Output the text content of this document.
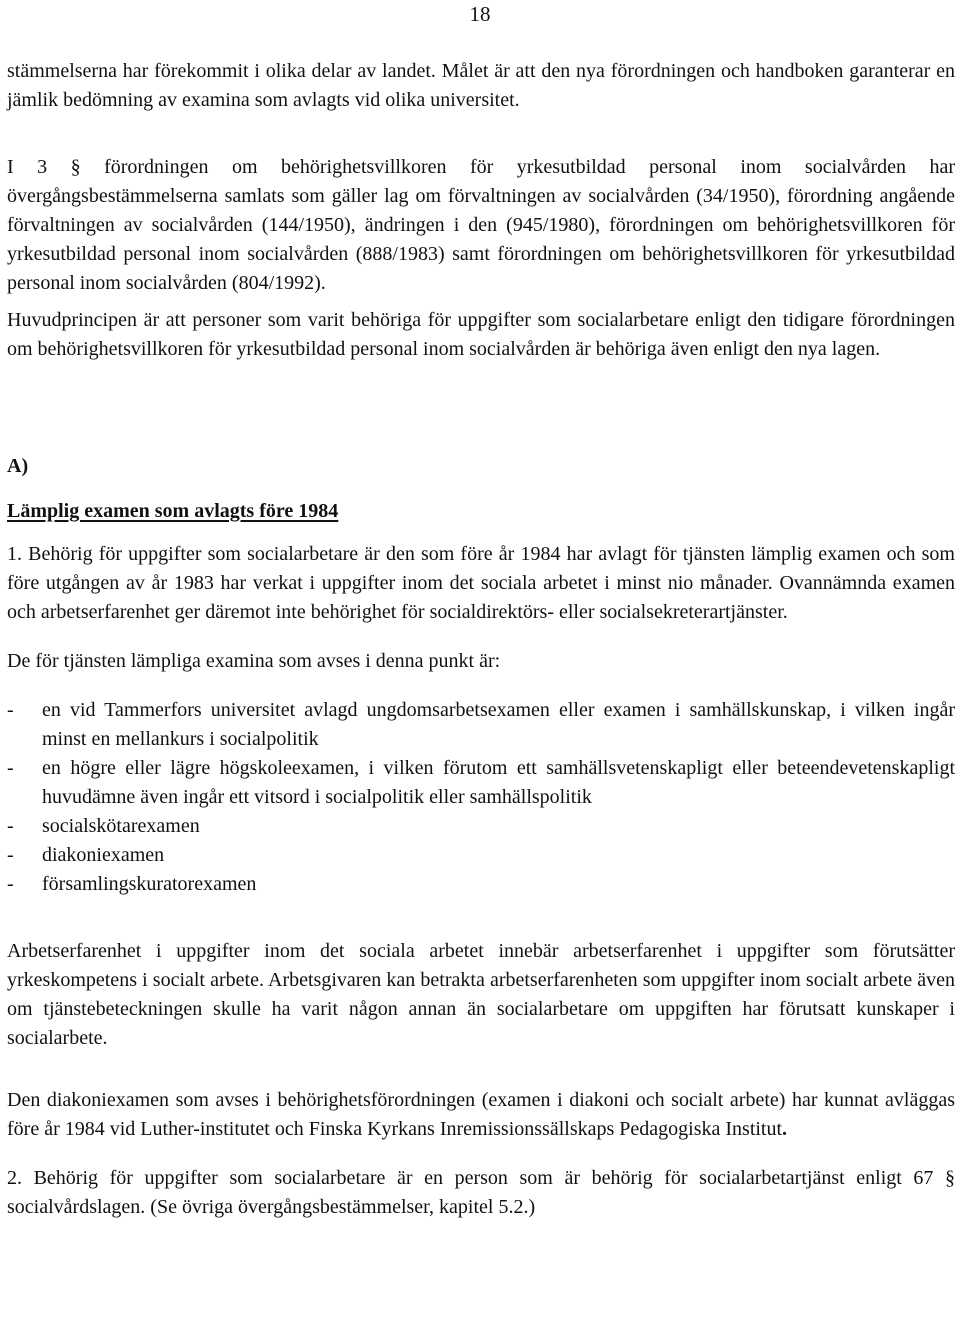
18

stämmelserna har förekommit i olika delar av landet. Målet är att den nya förordningen och handboken garanterar en jämlik bedömning av examina som avlagts vid olika universitet.

I 3 § förordningen om behörighetsvillkoren för yrkesutbildad personal inom socialvården har övergångsbestämmelserna samlats som gäller lag om förvaltningen av socialvården (34/1950), förordning angående förvaltningen av socialvården (144/1950), ändringen i den (945/1980), förordningen om behörighetsvillkoren för yrkesutbildad personal inom socialvården (888/1983) samt förordningen om behörighetsvillkoren för yrkesutbildad personal inom socialvården (804/1992).

Huvudprincipen är att personer som varit behöriga för uppgifter som socialarbetare enligt den tidigare förordningen om behörighetsvillkoren för yrkesutbildad personal inom socialvården är behöriga även enligt den nya lagen.

A)

Lämplig examen som avlagts före 1984

1. Behörig för uppgifter som socialarbetare är den som före år 1984 har avlagt för tjänsten lämplig examen och som före utgången av år 1983 har verkat i uppgifter inom det sociala arbetet i minst nio månader. Ovannämnda examen och arbetserfarenhet ger däremot inte behörighet för socialdirektörs- eller socialsekreterartjänster.

De för tjänsten lämpliga examina som avses i denna punkt är:

- en vid Tammerfors universitet avlagd ungdomsarbetsexamen eller examen i samhällskunskap, i vilken ingår minst en mellankurs i socialpolitik
- en högre eller lägre högskoleexamen, i vilken förutom ett samhällsvetenskapligt eller beteendevetenskapligt huvudämne även ingår ett vitsord i socialpolitik eller samhällspolitik
- socialskötarexamen
- diakoniexamen
- församlingskuratorexamen

Arbetserfarenhet i uppgifter inom det sociala arbetet innebär arbetserfarenhet i uppgifter som förutsätter yrkeskompetens i socialt arbete. Arbetsgivaren kan betrakta arbetserfarenheten som uppgifter inom socialt arbete även om tjänstebeteckningen skulle ha varit någon annan än socialarbetare om uppgiften har förutsatt kunskaper i socialarbete.

Den diakoniexamen som avses i behörighetsförordningen (examen i diakoni och socialt arbete) har kunnat avläggas före år 1984 vid Luther-institutet och Finska Kyrkans Inremissionssällskaps Pedagogiska Institut.

2. Behörig för uppgifter som socialarbetare är en person som är behörig för socialarbetartjänst enligt 67 § socialvårdslagen. (Se övriga övergångsbestämmelser, kapitel 5.2.)
